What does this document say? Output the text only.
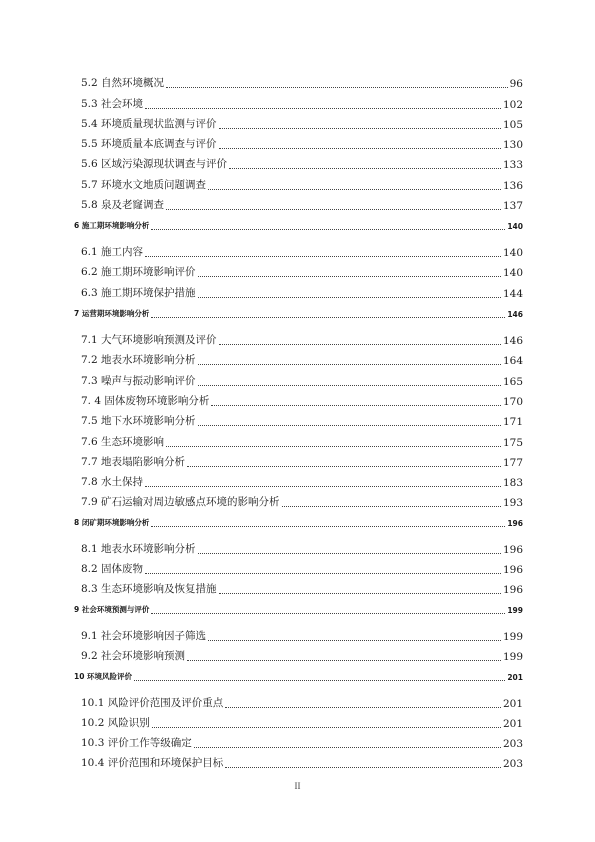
5.2 自然环境概况	96
5.3 社会环境	102
5.4 环境质量现状监测与评价	105
5.5 环境质量本底调查与评价	130
5.6 区域污染源现状调查与评价	133
5.7 环境水文地质问题调查	136
5.8 泉及老窿调查	137
6 施工期环境影响分析	140
6.1 施工内容	140
6.2 施工期环境影响评价	140
6.3 施工期环境保护措施	144
7 运营期环境影响分析	146
7.1 大气环境影响预测及评价	146
7.2 地表水环境影响分析	164
7.3 噪声与振动影响评价	165
7. 4 固体废物环境影响分析	170
7.5 地下水环境影响分析	171
7.6 生态环境影响	175
7.7 地表塌陷影响分析	177
7.8 水土保持	183
7.9 矿石运输对周边敏感点环境的影响分析	193
8 闭矿期环境影响分析	196
8.1 地表水环境影响分析	196
8.2 固体废物	196
8.3 生态环境影响及恢复措施	196
9 社会环境预测与评价	199
9.1 社会环境影响因子筛选	199
9.2 社会环境影响预测	199
10 环境风险评价	201
10.1 风险评价范围及评价重点	201
10.2 风险识别	201
10.3 评价工作等级确定	203
10.4 评价范围和环境保护目标	203
II
